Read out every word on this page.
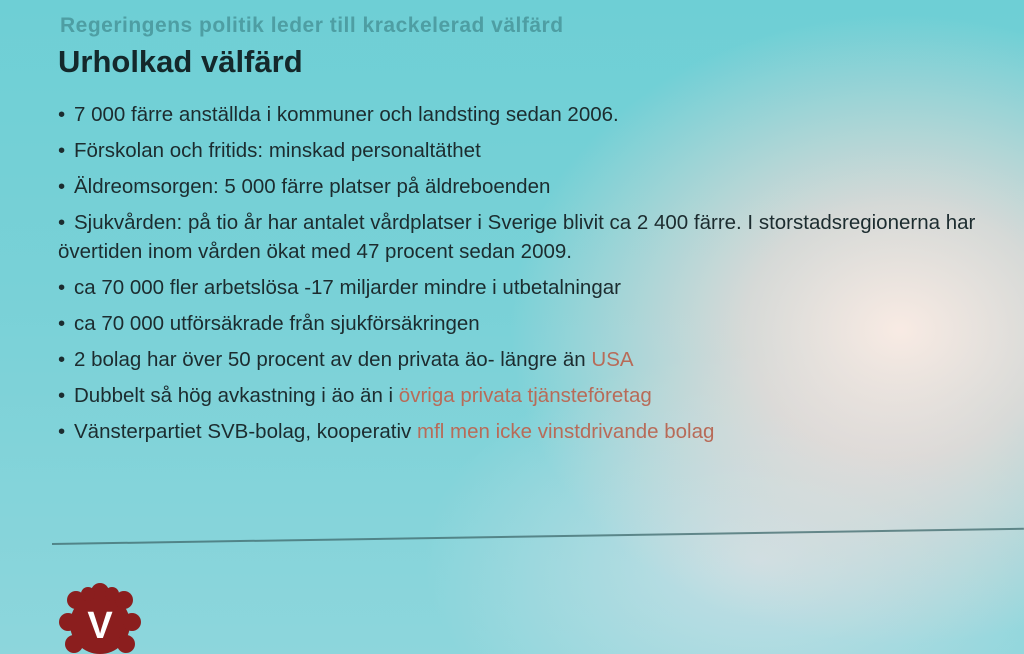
Regeringens politik leder till krackelerad välfärd
Urholkad välfärd
• 7 000 färre anställda i kommuner och landsting sedan 2006.
• Förskolan och fritids: minskad personaltäthet
• Äldreomsorgen: 5 000 färre platser på äldreboenden
• Sjukvården: på tio år har antalet vårdplatser i Sverige blivit ca 2 400 färre. I storstadsregionerna har övertiden inom vården ökat med 47 procent sedan 2009.
• ca 70 000 fler arbetslösa -17 miljarder mindre i utbetalningar
• ca 70 000 utförsäkrade från sjukförsäkringen
• 2 bolag har över 50 procent av den privata äo- längre än USA
• Dubbelt så hög avkastning i äo än i övriga privata tjänsteföretag
• Vänsterpartiet SVB-bolag, kooperativ mfl men icke vinstdrivande bolag
V
